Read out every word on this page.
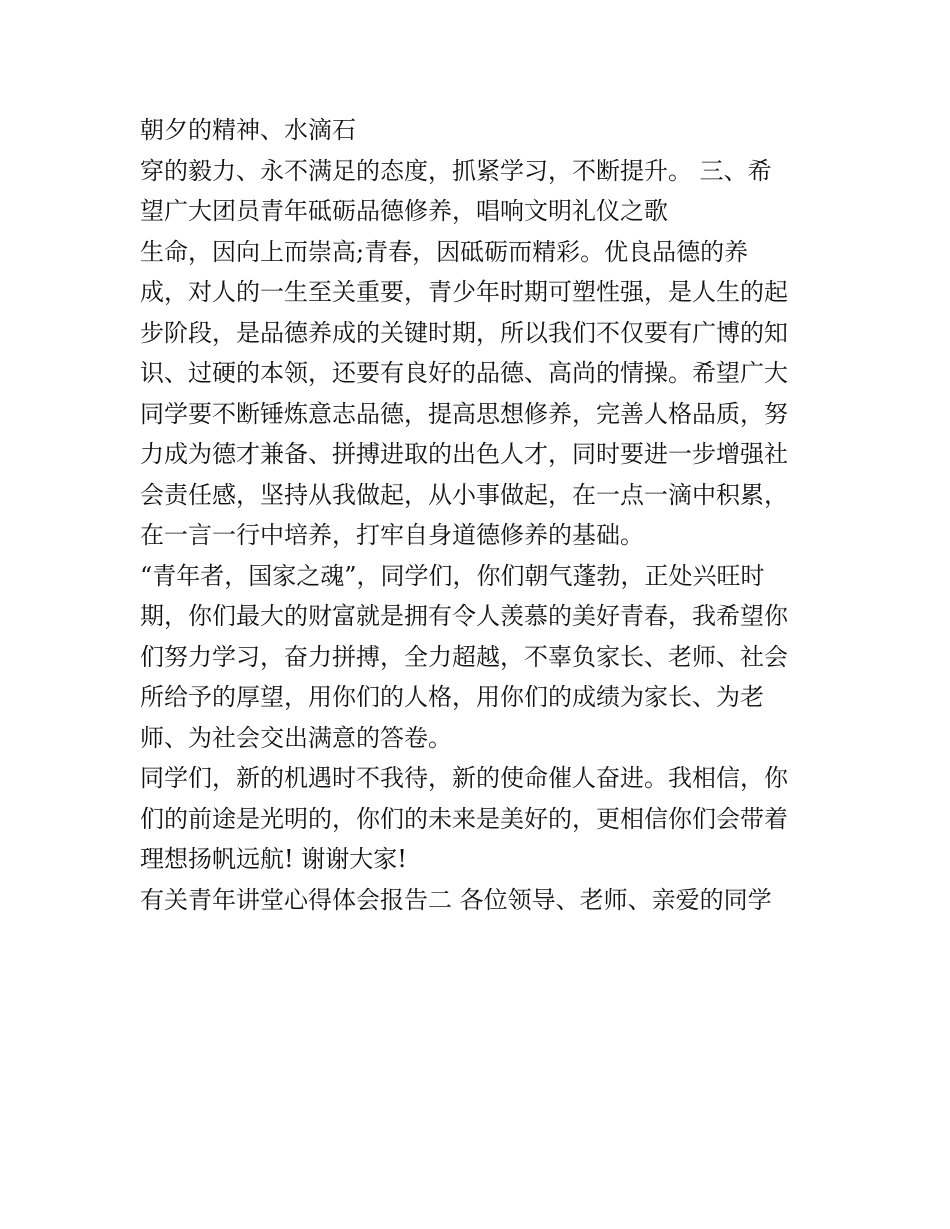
朝夕的精神、水滴石
穿的毅力、永不满足的态度，抓紧学习，不断提升。 三、希
望广大团员青年砥砺品德修养，唱响文明礼仪之歌
生命，因向上而崇高;青春，因砥砺而精彩。优良品德的养
成，对人的一生至关重要，青少年时期可塑性强，是人生的起
步阶段，是品德养成的关键时期，所以我们不仅要有广博的知
识、过硬的本领，还要有良好的品德、高尚的情操。希望广大
同学要不断锤炼意志品德，提高思想修养，完善人格品质，努
力成为德才兼备、拼搏进取的出色人才，同时要进一步增强社
会责任感，坚持从我做起，从小事做起，在一点一滴中积累，
在一言一行中培养，打牢自身道德修养的基础。
“青年者，国家之魂”，同学们，你们朝气蓬勃，正处兴旺时
期，你们最大的财富就是拥有令人羡慕的美好青春，我希望你
们努力学习，奋力拼搏，全力超越，不辜负家长、老师、社会
所给予的厚望，用你们的人格，用你们的成绩为家长、为老
师、为社会交出满意的答卷。
同学们，新的机遇时不我待，新的使命催人奋进。我相信，你
们的前途是光明的，你们的未来是美好的，更相信你们会带着
理想扬帆远航! 谢谢大家!
有关青年讲堂心得体会报告二 各位领导、老师、亲爱的同学
